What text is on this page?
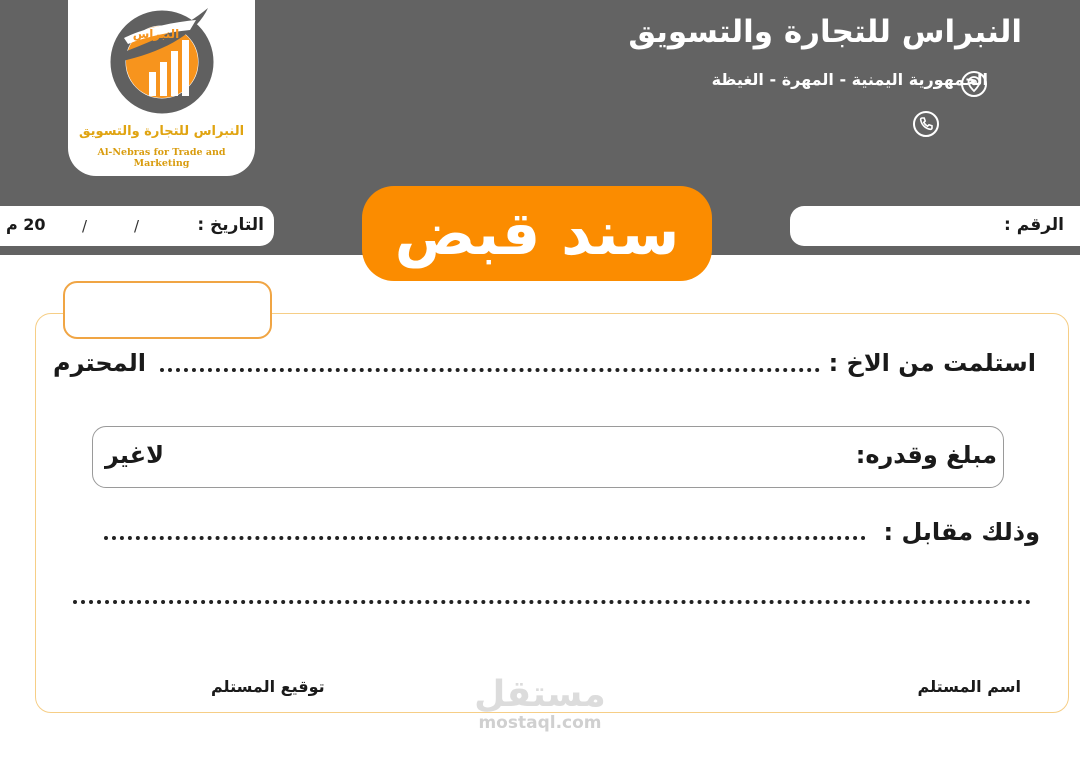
النبراس
النبراس للتجارة والتسويق
Al-Nebras for Trade and Marketing
النبراس للتجارة والتسويق
الجمهورية اليمنية - المهرة - الغيظة
الرقم :
التاريخ :
/
/
20 م	سند قبض
استلمت من الاخ :
المحترم
مبلغ وقدره:
لاغير
وذلك مقابل :
اسم المستلم
توقيع المستلم	مستقل
mostaql.com
